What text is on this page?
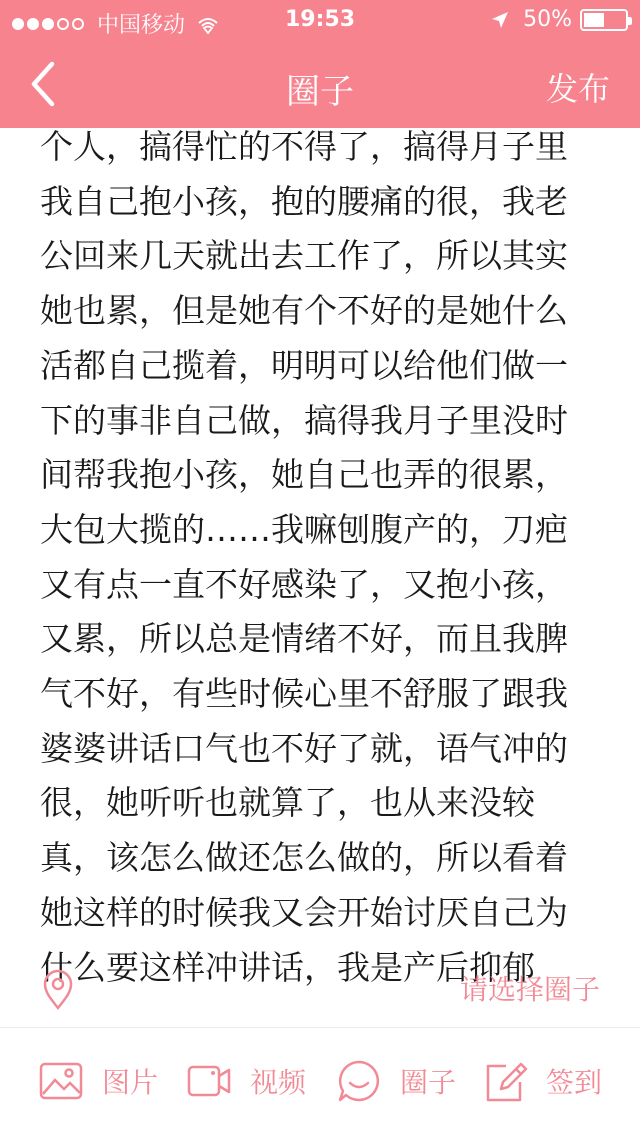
中国移动	19:53	50%
圈子	发布
个人，搞得忙的不得了，搞得月子里
我自己抱小孩，抱的腰痛的很，我老
公回来几天就出去工作了，所以其实
她也累，但是她有个不好的是她什么
活都自己揽着，明明可以给他们做一
下的事非自己做，搞得我月子里没时
间帮我抱小孩，她自己也弄的很累，
大包大揽的……我嘛刨腹产的，刀疤
又有点一直不好感染了，又抱小孩，
又累，所以总是情绪不好，而且我脾
气不好，有些时候心里不舒服了跟我
婆婆讲话口气也不好了就，语气冲的
很，她听听也就算了，也从来没较
真，该怎么做还怎么做的，所以看着
她这样的时候我又会开始讨厌自己为
什么要这样冲讲话，我是产后抑郁
请选择圈子
图片	视频	圈子	签到
